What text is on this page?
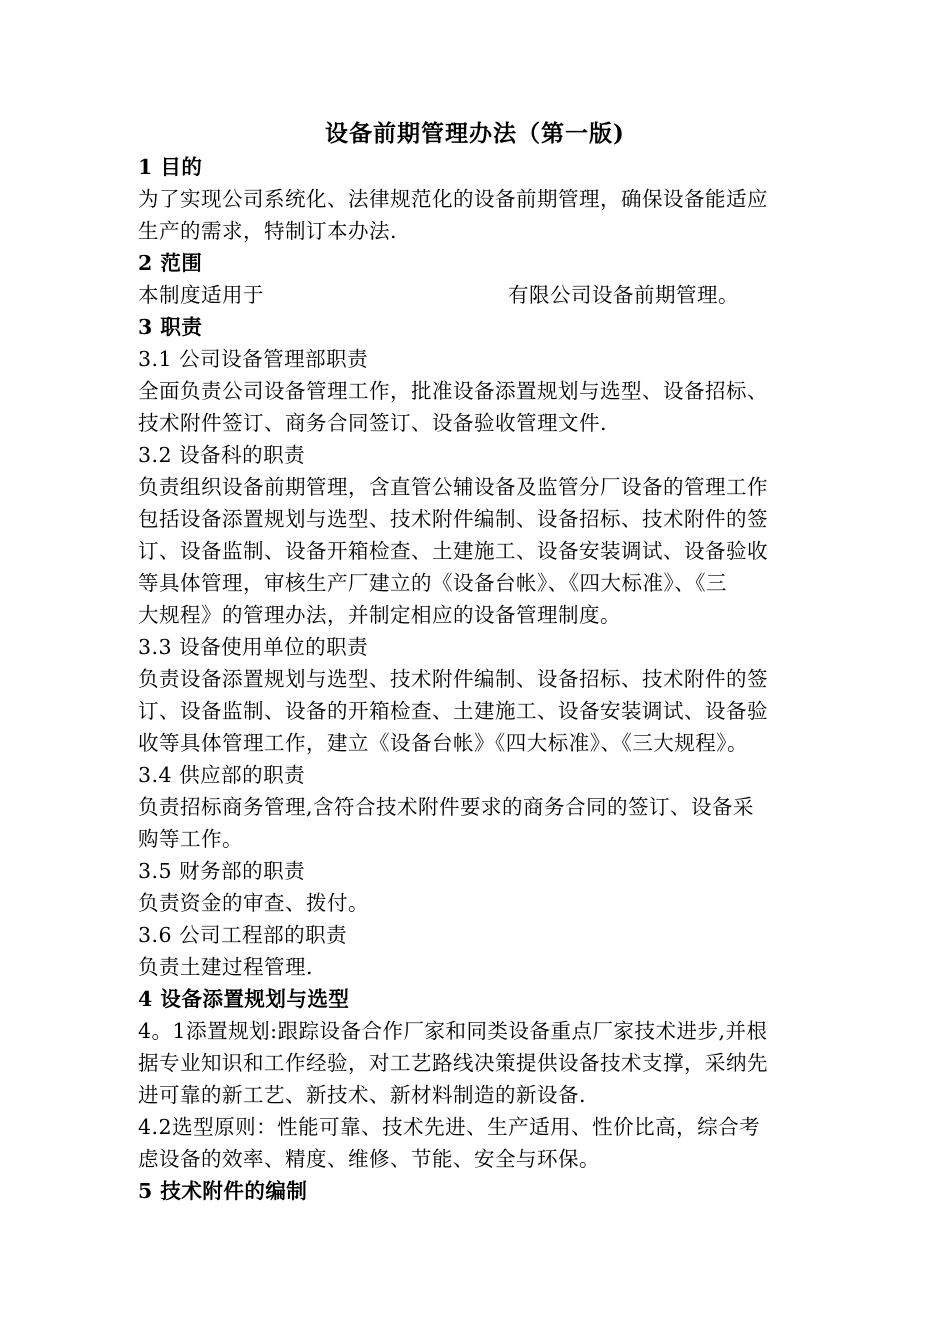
设备前期管理办法（第一版)
1 目的
为了实现公司系统化、法律规范化的设备前期管理，确保设备能适应
生产的需求，特制订本办法.
2 范围
本制度适用于	有限公司设备前期管理。
3 职责
3.1 公司设备管理部职责
全面负责公司设备管理工作，批准设备添置规划与选型、设备招标、
技术附件签订、商务合同签订、设备验收管理文件.
3.2 设备科的职责
负责组织设备前期管理，含直管公辅设备及监管分厂设备的管理工作
包括设备添置规划与选型、技术附件编制、设备招标、技术附件的签
订、设备监制、设备开箱检查、土建施工、设备安装调试、设备验收
等具体管理，审核生产厂建立的《设备台帐》、《四大标准》、《三
大规程》的管理办法，并制定相应的设备管理制度。
3.3 设备使用单位的职责
负责设备添置规划与选型、技术附件编制、设备招标、技术附件的签
订、设备监制、设备的开箱检查、土建施工、设备安装调试、设备验
收等具体管理工作，建立《设备台帐》《四大标准》、《三大规程》。
3.4 供应部的职责
负责招标商务管理,含符合技术附件要求的商务合同的签订、设备采
购等工作。
3.5 财务部的职责
负责资金的审查、拨付。
3.6 公司工程部的职责
负责土建过程管理.
4 设备添置规划与选型
4。1添置规划:跟踪设备合作厂家和同类设备重点厂家技术进步,并根
据专业知识和工作经验，对工艺路线决策提供设备技术支撑，采纳先
进可靠的新工艺、新技术、新材料制造的新设备.
4.2选型原则：性能可靠、技术先进、生产适用、性价比高，综合考
虑设备的效率、精度、维修、节能、安全与环保。
5 技术附件的编制
